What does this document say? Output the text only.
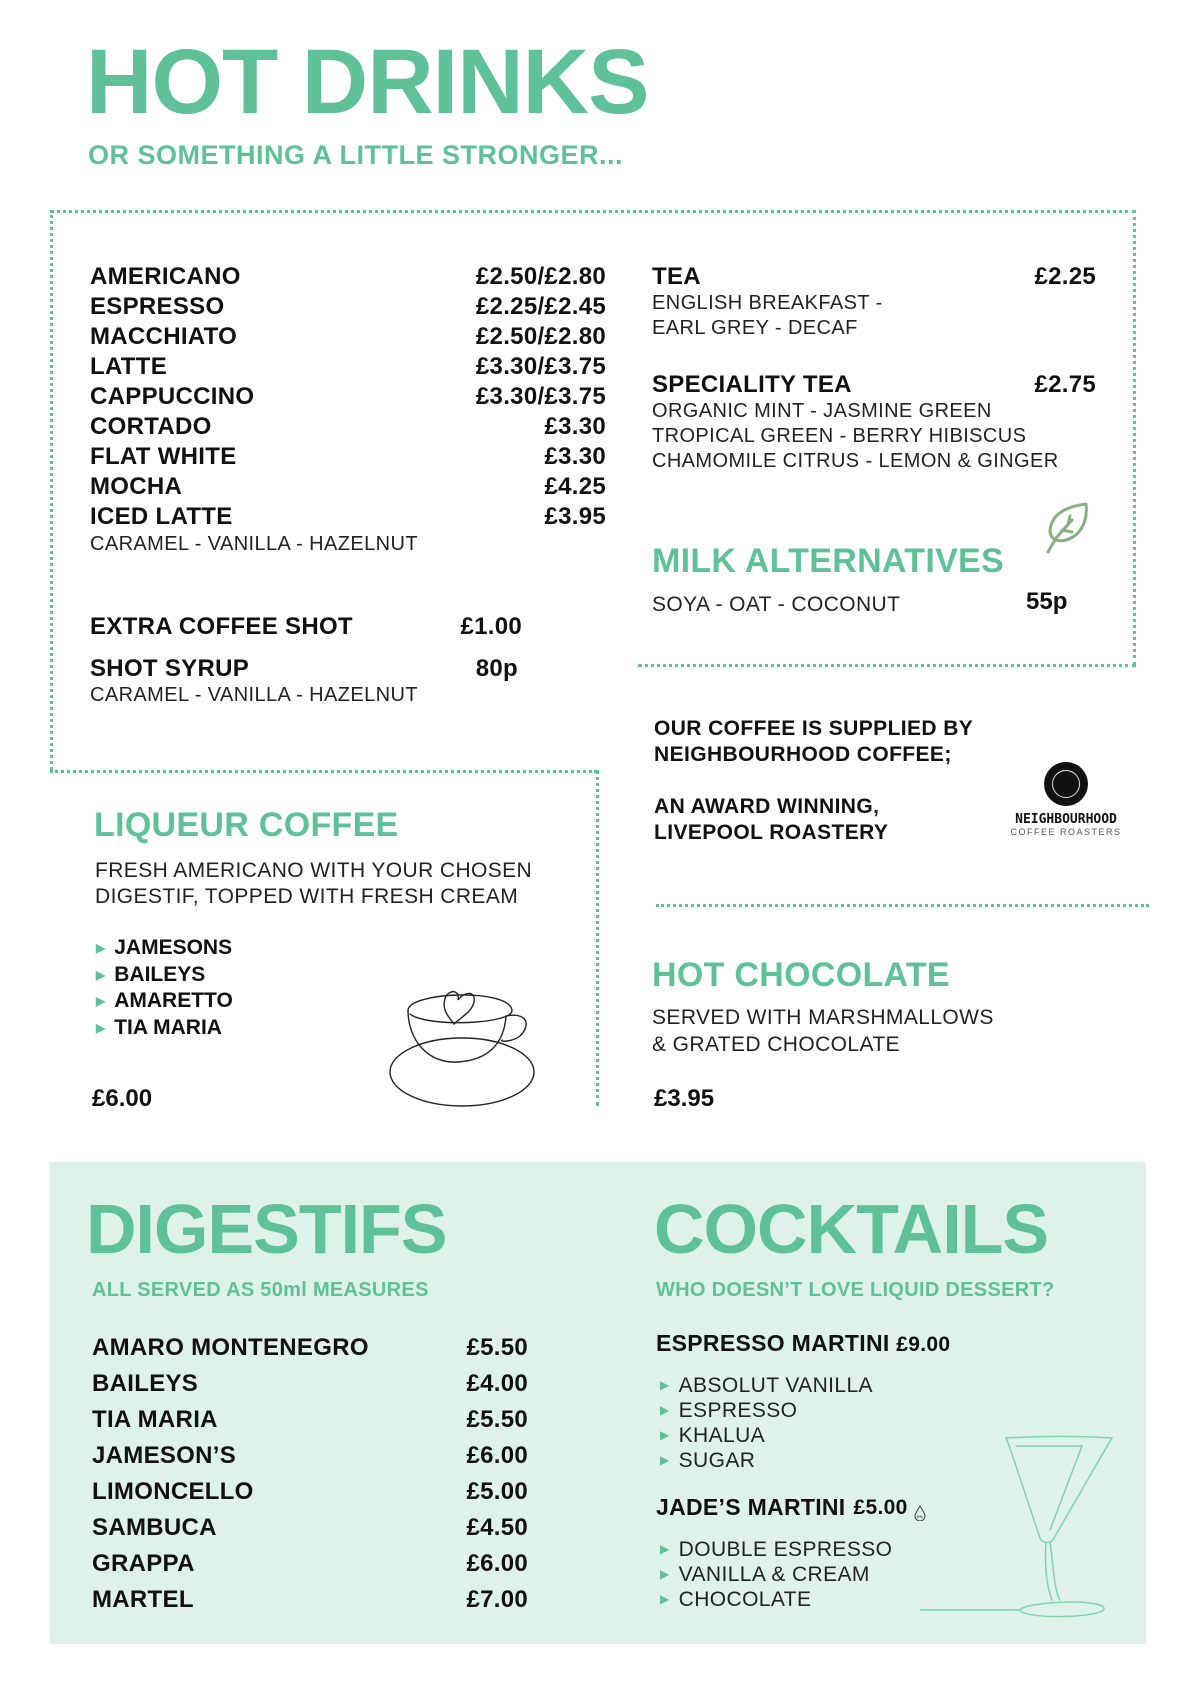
HOT DRINKS
OR SOMETHING A LITTLE STRONGER...
AMERICANO	£2.50/£2.80
ESPRESSO	£2.25/£2.45
MACCHIATO	£2.50/£2.80
LATTE	£3.30/£3.75
CAPPUCCINO	£3.30/£3.75
CORTADO	£3.30
FLAT WHITE	£3.30
MOCHA	£4.25
ICED LATTE	£3.95
CARAMEL - VANILLA - HAZELNUT
EXTRA COFFEE SHOT	£1.00
SHOT SYRUP	80p
CARAMEL - VANILLA - HAZELNUT
TEA	£2.25
ENGLISH BREAKFAST -
EARL GREY - DECAF
SPECIALITY TEA	£2.75
ORGANIC MINT - JASMINE GREEN
TROPICAL GREEN - BERRY HIBISCUS
CHAMOMILE CITRUS - LEMON & GINGER
MILK ALTERNATIVES
SOYA - OAT - COCONUT	55p
OUR COFFEE IS SUPPLIED BY
NEIGHBOURHOOD COFFEE;
AN AWARD WINNING,
LIVEPOOL ROASTERY
NEIGHBOURHOOD
COFFEE ROASTERS
LIQUEUR COFFEE
FRESH AMERICANO WITH YOUR CHOSEN
DIGESTIF, TOPPED WITH FRESH CREAM
▶ JAMESONS
▶ BAILEYS
▶ AMARETTO
▶ TIA MARIA
£6.00
HOT CHOCOLATE
SERVED WITH MARSHMALLOWS
& GRATED CHOCOLATE
£3.95
DIGESTIFS
ALL SERVED AS 50ml MEASURES
AMARO MONTENEGRO	£5.50
BAILEYS	£4.00
TIA MARIA	£5.50
JAMESON’S	£6.00
LIMONCELLO	£5.00
SAMBUCA	£4.50
GRAPPA	£6.00
MARTEL	£7.00
COCKTAILS
WHO DOESN’T LOVE LIQUID DESSERT?
ESPRESSO MARTINI £9.00
▶ ABSOLUT VANILLA
▶ ESPRESSO
▶ KHALUA
▶ SUGAR
JADE’S MARTINI £5.00 0%
▶ DOUBLE ESPRESSO
▶ VANILLA & CREAM
▶ CHOCOLATE
